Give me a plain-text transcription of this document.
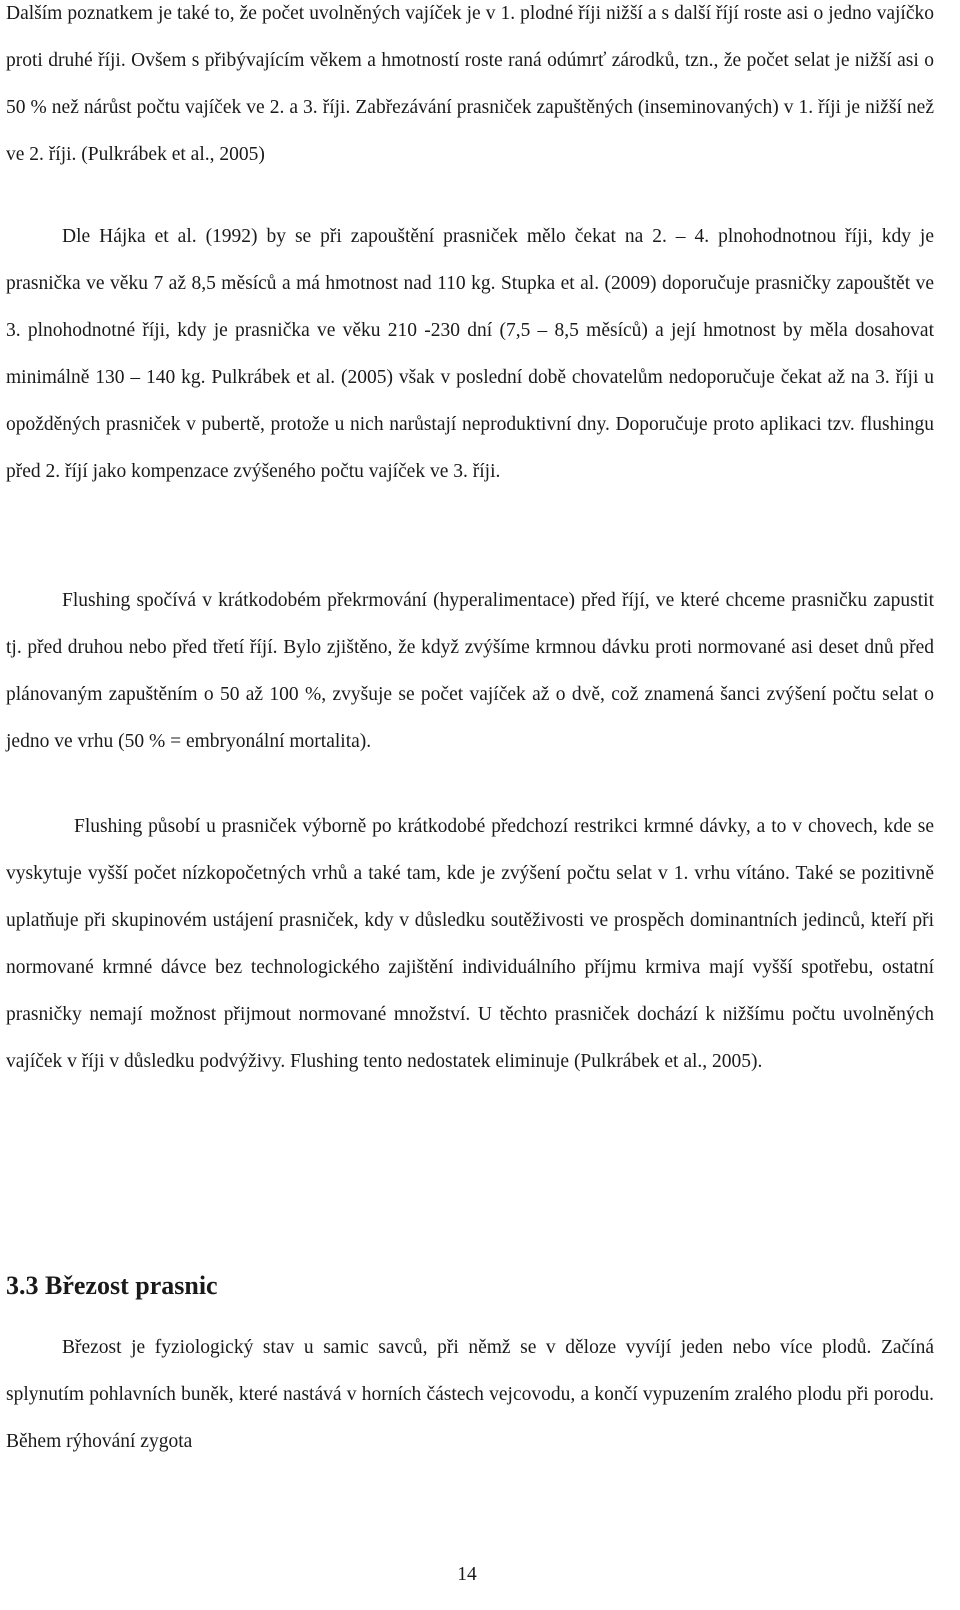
Dalším poznatkem je také to, že počet uvolněných vajíček je v 1. plodné říji nižší a s další říjí roste asi o jedno vajíčko proti druhé říji. Ovšem s přibývajícím věkem a hmotností roste raná odúmrť zárodků, tzn., že počet selat je nižší asi o 50 % než nárůst počtu vajíček ve 2. a 3. říji. Zabřezávání prasniček zapuštěných (inseminovaných) v 1. říji je nižší než ve 2. říji. (Pulkrábek et al., 2005)

Dle Hájka et al. (1992) by se při zapouštění prasniček mělo čekat na 2. – 4. plnohodnotnou říji, kdy je prasnička ve věku 7 až 8,5 měsíců a má hmotnost nad 110 kg. Stupka et al. (2009) doporučuje prasničky zapouštět ve 3. plnohodnotné říji, kdy je prasnička ve věku 210 -230 dní (7,5 – 8,5 měsíců) a její hmotnost by měla dosahovat minimálně 130 – 140 kg. Pulkrábek et al. (2005) však v poslední době chovatelům nedoporučuje čekat až na 3. říji u opožděných prasniček v pubertě, protože u nich narůstají neproduktivní dny. Doporučuje proto aplikaci tzv. flushingu před 2. říjí jako kompenzace zvýšeného počtu vajíček ve 3. říji.

Flushing spočívá v krátkodobém překrmování (hyperalimentace) před říjí, ve které chceme prasničku zapustit tj. před druhou nebo před třetí říjí. Bylo zjištěno, že když zvýšíme krmnou dávku proti normované asi deset dnů před plánovaným zapuštěním o 50 až 100 %, zvyšuje se počet vajíček až o dvě, což znamená šanci zvýšení počtu selat o jedno ve vrhu (50 % = embryonální mortalita).

Flushing působí u prasniček výborně po krátkodobé předchozí restrikci krmné dávky, a to v chovech, kde se vyskytuje vyšší počet nízkopočetných vrhů a také tam, kde je zvýšení počtu selat v 1. vrhu vítáno. Také se pozitivně uplatňuje při skupinovém ustájení prasniček, kdy v důsledku soutěživosti ve prospěch dominantních jedinců, kteří při normované krmné dávce bez technologického zajištění individuálního příjmu krmiva mají vyšší spotřebu, ostatní prasničky nemají možnost přijmout normované množství. U těchto prasniček dochází k nižšímu počtu uvolněných vajíček v říji v důsledku podvýživy. Flushing tento nedostatek eliminuje (Pulkrábek et al., 2005).

3.3 Březost prasnic

Březost je fyziologický stav u samic savců, při němž se v děloze vyvíjí jeden nebo více plodů. Začíná splynutím pohlavních buněk, které nastává v horních částech vejcovodu, a končí vypuzením zralého plodu při porodu. Během rýhování zygota

14
